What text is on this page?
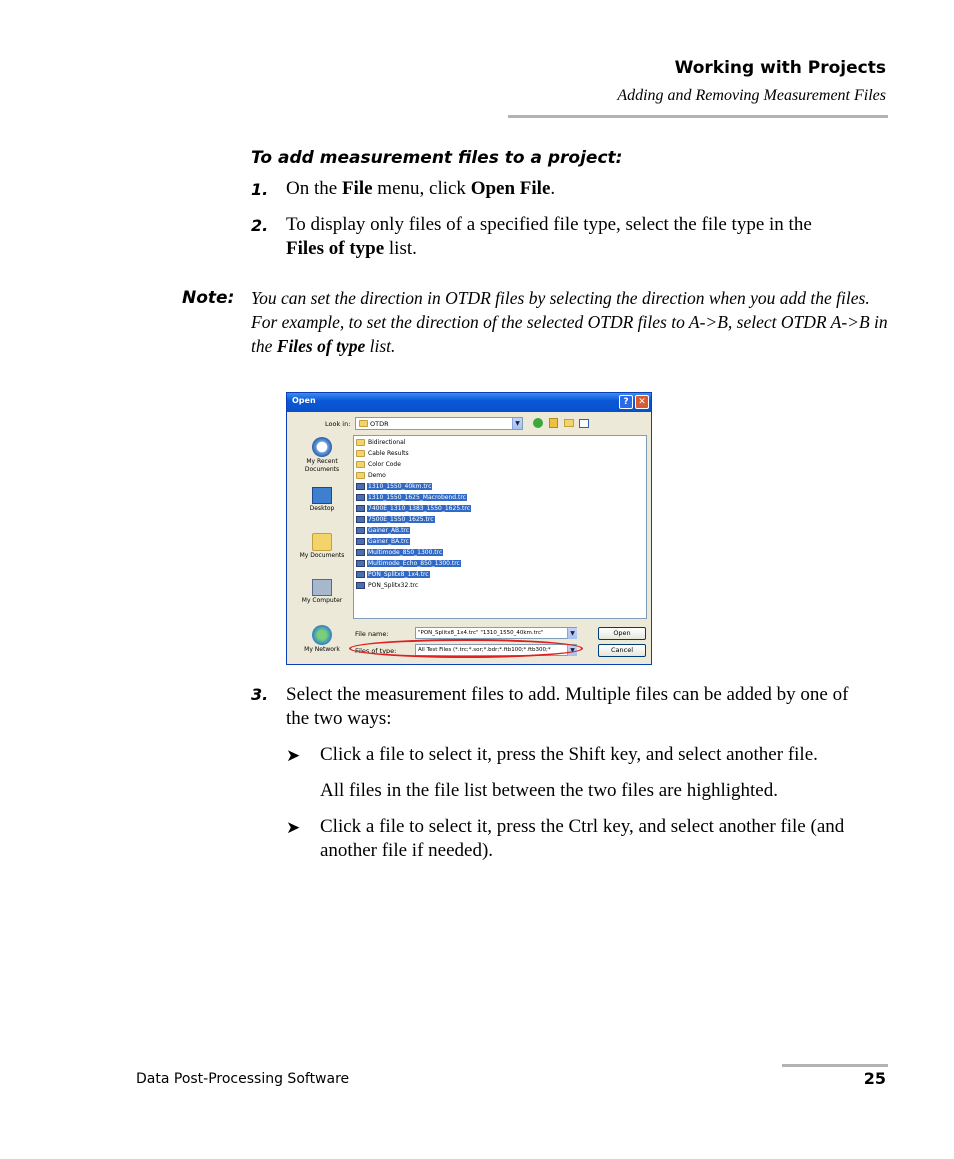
Working with Projects
Adding and Removing Measurement Files
To add measurement files to a project:
1. On the File menu, click Open File.
2. To display only files of a specified file type, select the file type in the
Files of type list.
Note: You can set the direction in OTDR files by selecting the direction when you add the files. For example, to set the direction of the selected OTDR files to A->B, select OTDR A->B in the Files of type list.
Open	?	✕
Look in:	OTDR	▼
My Recent Documents
Desktop
My Documents
My Computer
My Network
Bidirectional
Cable Results
Color Code
Demo
1310_1550_40km.trc
1310_1550_1625_Macrobend.trc
7400E_1310_1383_1550_1625.trc
7500E_1550_1625.trc
Gainer_AB.trc
Gainer_BA.trc
Multimode_850_1300.trc
Multimode_Echo_850_1300.trc
PON_Splitx8_1x4.trc
PON_Splitx32.trc
File name:	"PON_Splitx8_1x4.trc" "1310_1550_40km.trc"	▼	Open
Files of type:	All Test Files (*.trc;*.sor;*.bdr;*.ftb100;*.ftb300;*	▼	Cancel
3. Select the measurement files to add. Multiple files can be added by one of the two ways:
➤ Click a file to select it, press the Shift key, and select another file.
All files in the file list between the two files are highlighted.
➤ Click a file to select it, press the Ctrl key, and select another file (and another file if needed).
Data Post-Processing Software	25
